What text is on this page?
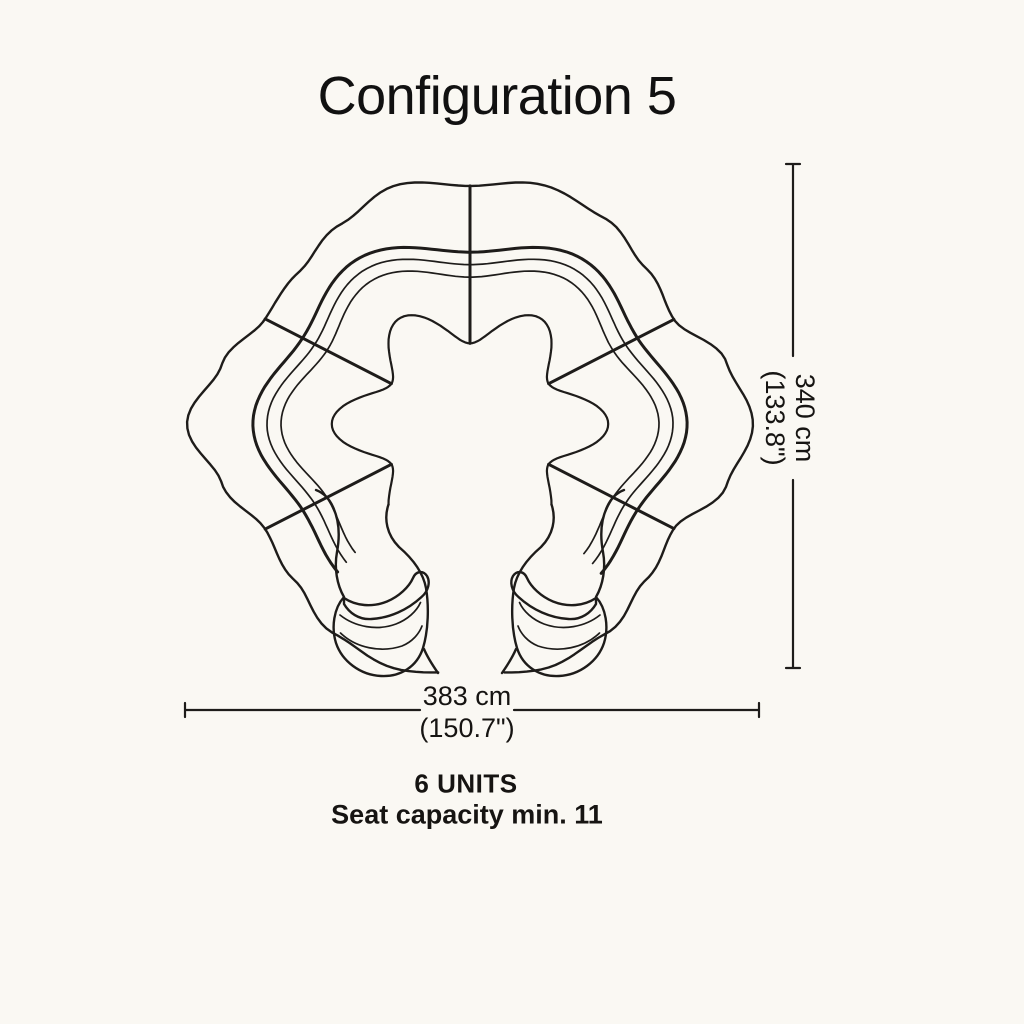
Configuration 5
383 cm
(150.7")
340 cm
(133.8")
6 UNITS
Seat capacity min. 11
